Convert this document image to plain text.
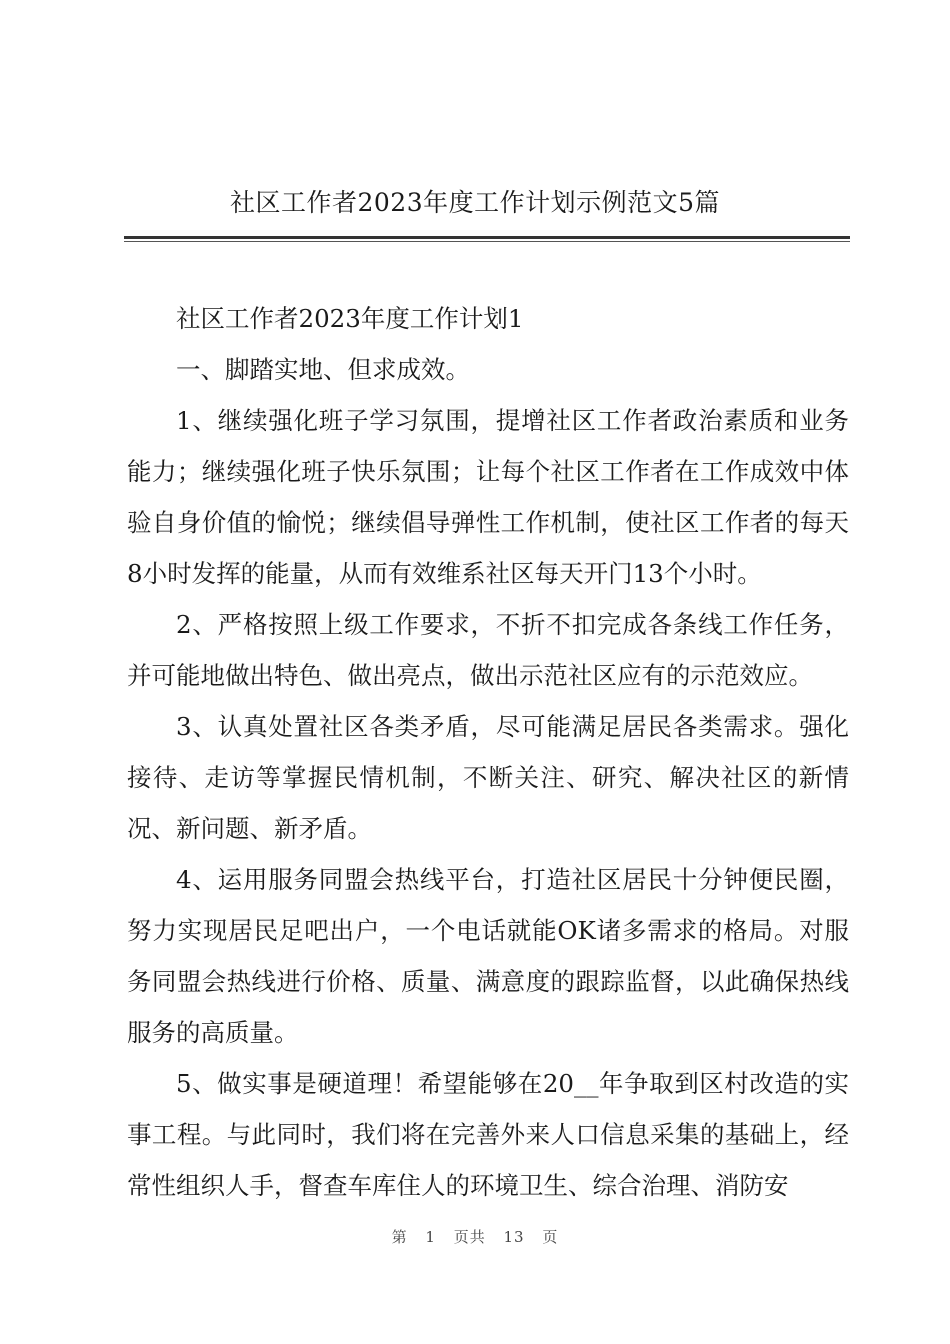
社区工作者2023年度工作计划示例范文5篇

社区工作者2023年度工作计划1

一、脚踏实地、但求成效。

1、继续强化班子学习氛围，提增社区工作者政治素质和业务能力；继续强化班子快乐氛围；让每个社区工作者在工作成效中体验自身价值的愉悦；继续倡导弹性工作机制，使社区工作者的每天8小时发挥的能量，从而有效维系社区每天开门13个小时。

2、严格按照上级工作要求，不折不扣完成各条线工作任务，并可能地做出特色、做出亮点，做出示范社区应有的示范效应。

3、认真处置社区各类矛盾，尽可能满足居民各类需求。强化接待、走访等掌握民情机制，不断关注、研究、解决社区的新情况、新问题、新矛盾。

4、运用服务同盟会热线平台，打造社区居民十分钟便民圈，努力实现居民足吧出户，一个电话就能OK诸多需求的格局。对服务同盟会热线进行价格、质量、满意度的跟踪监督，以此确保热线服务的高质量。

5、做实事是硬道理！希望能够在20__年争取到区村改造的实事工程。与此同时，我们将在完善外来人口信息采集的基础上，经常性组织人手，督查车库住人的环境卫生、综合治理、消防安

第 1 页共 13 页
